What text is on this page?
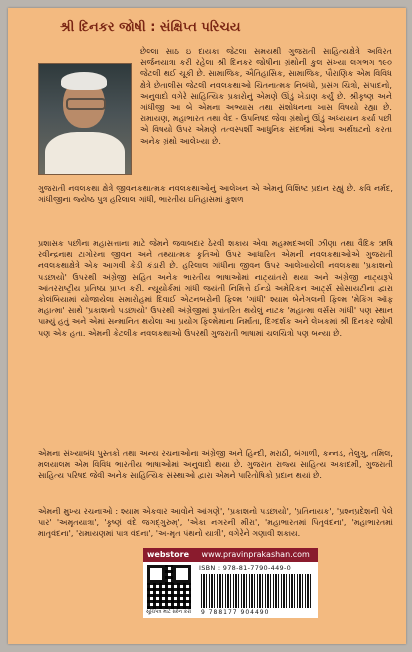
શ્રી દિનકર જોષી : સંક્ષિપ્ત પરિચય

છેલ્લા સાઠ ઇ દાયકા જેટલા સમયથી ગુજરાતી સાહિત્યક્ષેત્રે અવિરત સર્જનયાત્રા કરી રહેલા શ્રી દિનકર જોષીના ગ્રંથોની કુલ સંખ્યા લગભગ ૧૯૦ જેટલી થઈ ચૂકી છે. સામાજિક, ઐતિહાસિક, સામાજિક, પૌરાણિક એમ વિવિધ ક્ષેત્રે છેતાલીસ જેટલી નવલકથાઓ ચિંતનાત્મક નિબંધો, પ્રસંગ ચિત્રો, સંપાદનો, અનુવાદો વગેરે સાહિત્યિક પ્રકારોનું એમણે ઊંડું ખેડાણ કર્યું છે. શ્રીકૃષ્ણ અને ગાંધીજી આ બે એમના અભ્યાસ તથા સંશોધનના ખાસ વિષયો રહ્યા છે. રામાયણ, મહાભારત તથા વેદ - ઉપનિષદ જેવા ગ્રંથોનું ઊંડું અધ્યયન કર્યા પછી એ વિષયો ઉપર એમણે તત્વસ્પર્શી આધુનિક સંદર્ભમાં એના અર્થઘટનો કરતા અનેક ગ્રંથો આલેખ્યા છે.

ગુજરાતી નવલકથા ક્ષેત્રે જીવનકથાત્મક નવલકથાઓનું આલેખન એ એમનું વિશિષ્ટ પ્રદાન રહ્યું છે. કવિ નર્મદ, ગાંધીજીના જ્યેષ્ઠ પુત્ર હરિલાલ ગાંધી, ભારતીય ઇતિહાસમાં કુશળ

પ્રશાસક પછીના મહાસત્તાના માટે જેમને જવાબદાર ઠેરવી શકાય એવા મહમ્મદઅલી ઝીણા તથા વૈદિક ઋષિ રવીન્દ્રનાથ ટાગોરના જીવન અને તથ્યાત્મક કૃતિઓ ઉપર આધારિત એમની નવલકથાઓએ ગુજરાતી નવલકથાક્ષેત્રે એક આગવી કેડી કંડારી છે. હરિલાલ ગાંધીના જીવન ઉપર આલેખાયેલી નવલકથા 'પ્રકાશનો પડછાયો' ઉપરથી અંગ્રેજી સહિત અનેક ભારતીય ભાષાઓમાં નાટ્યાંતરો થયા અને અંગ્રેજી નાટ્યરૂપે આંતરરાષ્ટ્રીય પ્રતિષ્ઠા પ્રાપ્ત કરી. ન્યૂયોર્કમાં ગાંધી જયંતી નિમિત્તે ઈન્ડો અમેરિકન આર્ટ્સ સોસાયટીના દ્વારા કોલંબિયામાં યોજાયેલા સમારોહમાં દિવાઈ એટનબરોની ફિલ્મ 'ગાંધી' શ્યામ બેનેગલની ફિલ્મ 'મેકિંગ ઑફ મહાત્મા' સાથે 'પ્રકાશનો પડછાયો' ઉપરથી અંગ્રેજીમાં રૂપાંતરિત થયેલું નાટક 'મહાત્મા વર્સસ ગાંધી' પણ સ્થાન પામ્યું હતું અને એમાં સન્માનિત થયેલા આ પ્રયોગ ફિલ્મેમાના નિર્માતા, દિગ્દર્શક અને લેખકમાં શ્રી દિનકર જોષી પણ એક હતા. એમની કેટલીક નવલકથાઓ ઉપરથી ગુજરાતી ભાષામાં ચલચિત્રો પણ બન્યા છે.

એમના સંખ્યાબંધ પુસ્તકો તથા અન્ય રચનાઓના અંગ્રેજી અને હિન્દી, મરાઠી, બંગાળી, કન્નડ, તેલુગુ, તમિલ, મલયાલમ એમ વિવિધ ભારતીય ભાષાઓમાં અનુવાદો થયા છે. ગુજરાત રાજ્ય સાહિત્ય અકાદમી, ગુજરાતી સાહિત્ય પરિષદ જેવી અનેક સાહિત્યિક સંસ્થાઓ દ્વારા એમને પારિતોષિકો પ્રદાન થયાં છે.

એમની મુખ્ય રચનાઓ : શ્યામ એકવાર આવોને આંગણે', 'પ્રકાશનો પડછાયો', 'પ્રતિનાયક', 'પ્રશ્નપ્રદેશની પેલે પાર' 'અમૃતયાત્રા', 'કૃષ્ણં વંદે જગદ્ગુરુમ્', 'એકા નગરની મીરા', 'મહાભારતમાં પિતૃવંદના', 'મહાભારતમાં માતૃવંદના', 'રામાયણમાં પાત્ર વંદના', 'અ-મૃત પંથનો યાત્રી', વગેરેને ગણાવી શકાય.

webstore www.pravinprakashan.com
સૂચિપત્ર માટે સ્કેન કરો
ISBN : 978-81-7790-449-0
9 788177 904490
